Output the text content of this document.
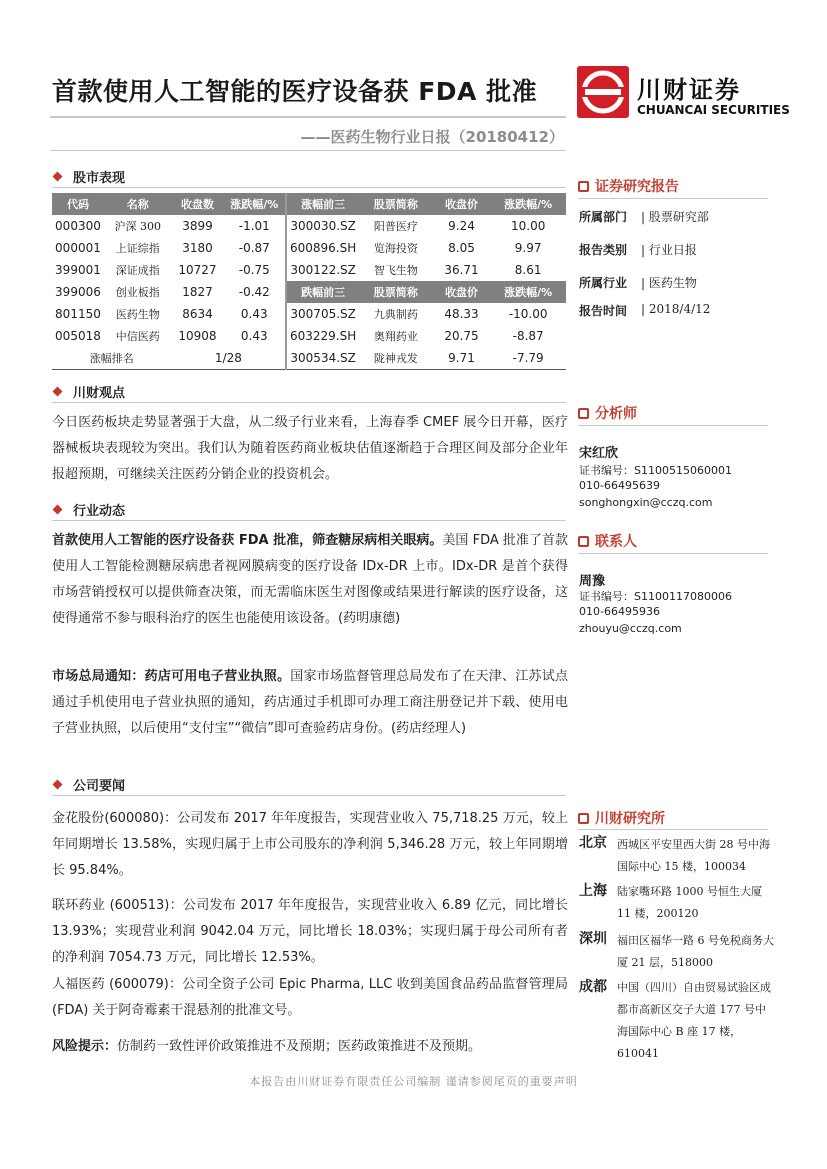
首款使用人工智能的医疗设备获 FDA 批准
——医药生物行业日报（20180412）
川财证券
CHUANCAI SECURITIES
股市表现
代码	名称	收盘数	涨跌幅/%	涨幅前三	股票简称	收盘价	涨跌幅/%
000300	沪深 300	3899	-1.01	300030.SZ	阳普医疗	9.24	10.00
000001	上证综指	3180	-0.87	600896.SH	览海投资	8.05	9.97
399001	深证成指	10727	-0.75	300122.SZ	智飞生物	36.71	8.61
399006	创业板指	1827	-0.42	跌幅前三	股票简称	收盘价	涨跌幅/%
801150	医药生物	8634	0.43	300705.SZ	九典制药	48.33	-10.00
005018	中信医药	10908	0.43	603229.SH	奥翔药业	20.75	-8.87
涨幅排名		1/28		300534.SZ	陇神戎发	9.71	-7.79
川财观点
今日医药板块走势显著强于大盘，从二级子行业来看，上海春季 CMEF 展今日开幕，医疗器械板块表现较为突出。我们认为随着医药商业板块估值逐渐趋于合理区间及部分企业年报超预期，可继续关注医药分销企业的投资机会。
行业动态
首款使用人工智能的医疗设备获 FDA 批准，筛查糖尿病相关眼病。美国 FDA 批准了首款使用人工智能检测糖尿病患者视网膜病变的医疗设备 IDx-DR 上市。IDx-DR 是首个获得市场营销授权可以提供筛查决策，而无需临床医生对图像或结果进行解读的医疗设备，这使得通常不参与眼科治疗的医生也能使用该设备。(药明康德)
市场总局通知：药店可用电子营业执照。国家市场监督管理总局发布了在天津、江苏试点通过手机使用电子营业执照的通知，药店通过手机即可办理工商注册登记并下载、使用电子营业执照，以后使用“支付宝”“微信”即可查验药店身份。(药店经理人)
公司要闻
金花股份(600080)：公司发布 2017 年年度报告，实现营业收入 75,718.25 万元，较上年同期增长 13.58%，实现归属于上市公司股东的净利润 5,346.28 万元，较上年同期增长 95.84%。
联环药业 (600513)：公司发布 2017 年年度报告，实现营业收入 6.89 亿元，同比增长 13.93%；实现营业利润 9042.04 万元，同比增长 18.03%；实现归属于母公司所有者的净利润 7054.73 万元，同比增长 12.53%。
人福医药 (600079)：公司全资子公司 Epic Pharma, LLC 收到美国食品药品监督管理局 (FDA) 关于阿奇霉素干混悬剂的批准文号。
风险提示：仿制药一致性评价政策推进不及预期；医药政策推进不及预期。
证券研究报告
所属部门 | 股票研究部
报告类别 | 行业日报
所属行业 | 医药生物
报告时间 | 2018/4/12
分析师
宋红欣
证书编号：S1100515060001
010-66495639
songhongxin@cczq.com
联系人
周豫
证书编号：S1100117080006
010-66495936
zhouyu@cczq.com
川财研究所
北京 西城区平安里西大街 28 号中海国际中心 15 楼，100034
上海 陆家嘴环路 1000 号恒生大厦 11 楼，200120
深圳 福田区福华一路 6 号免税商务大厦 21 层，518000
成都 中国（四川）自由贸易试验区成都市高新区交子大道 177 号中海国际中心 B 座 17 楼，610041
本报告由川财证券有限责任公司编制 谨请参阅尾页的重要声明
